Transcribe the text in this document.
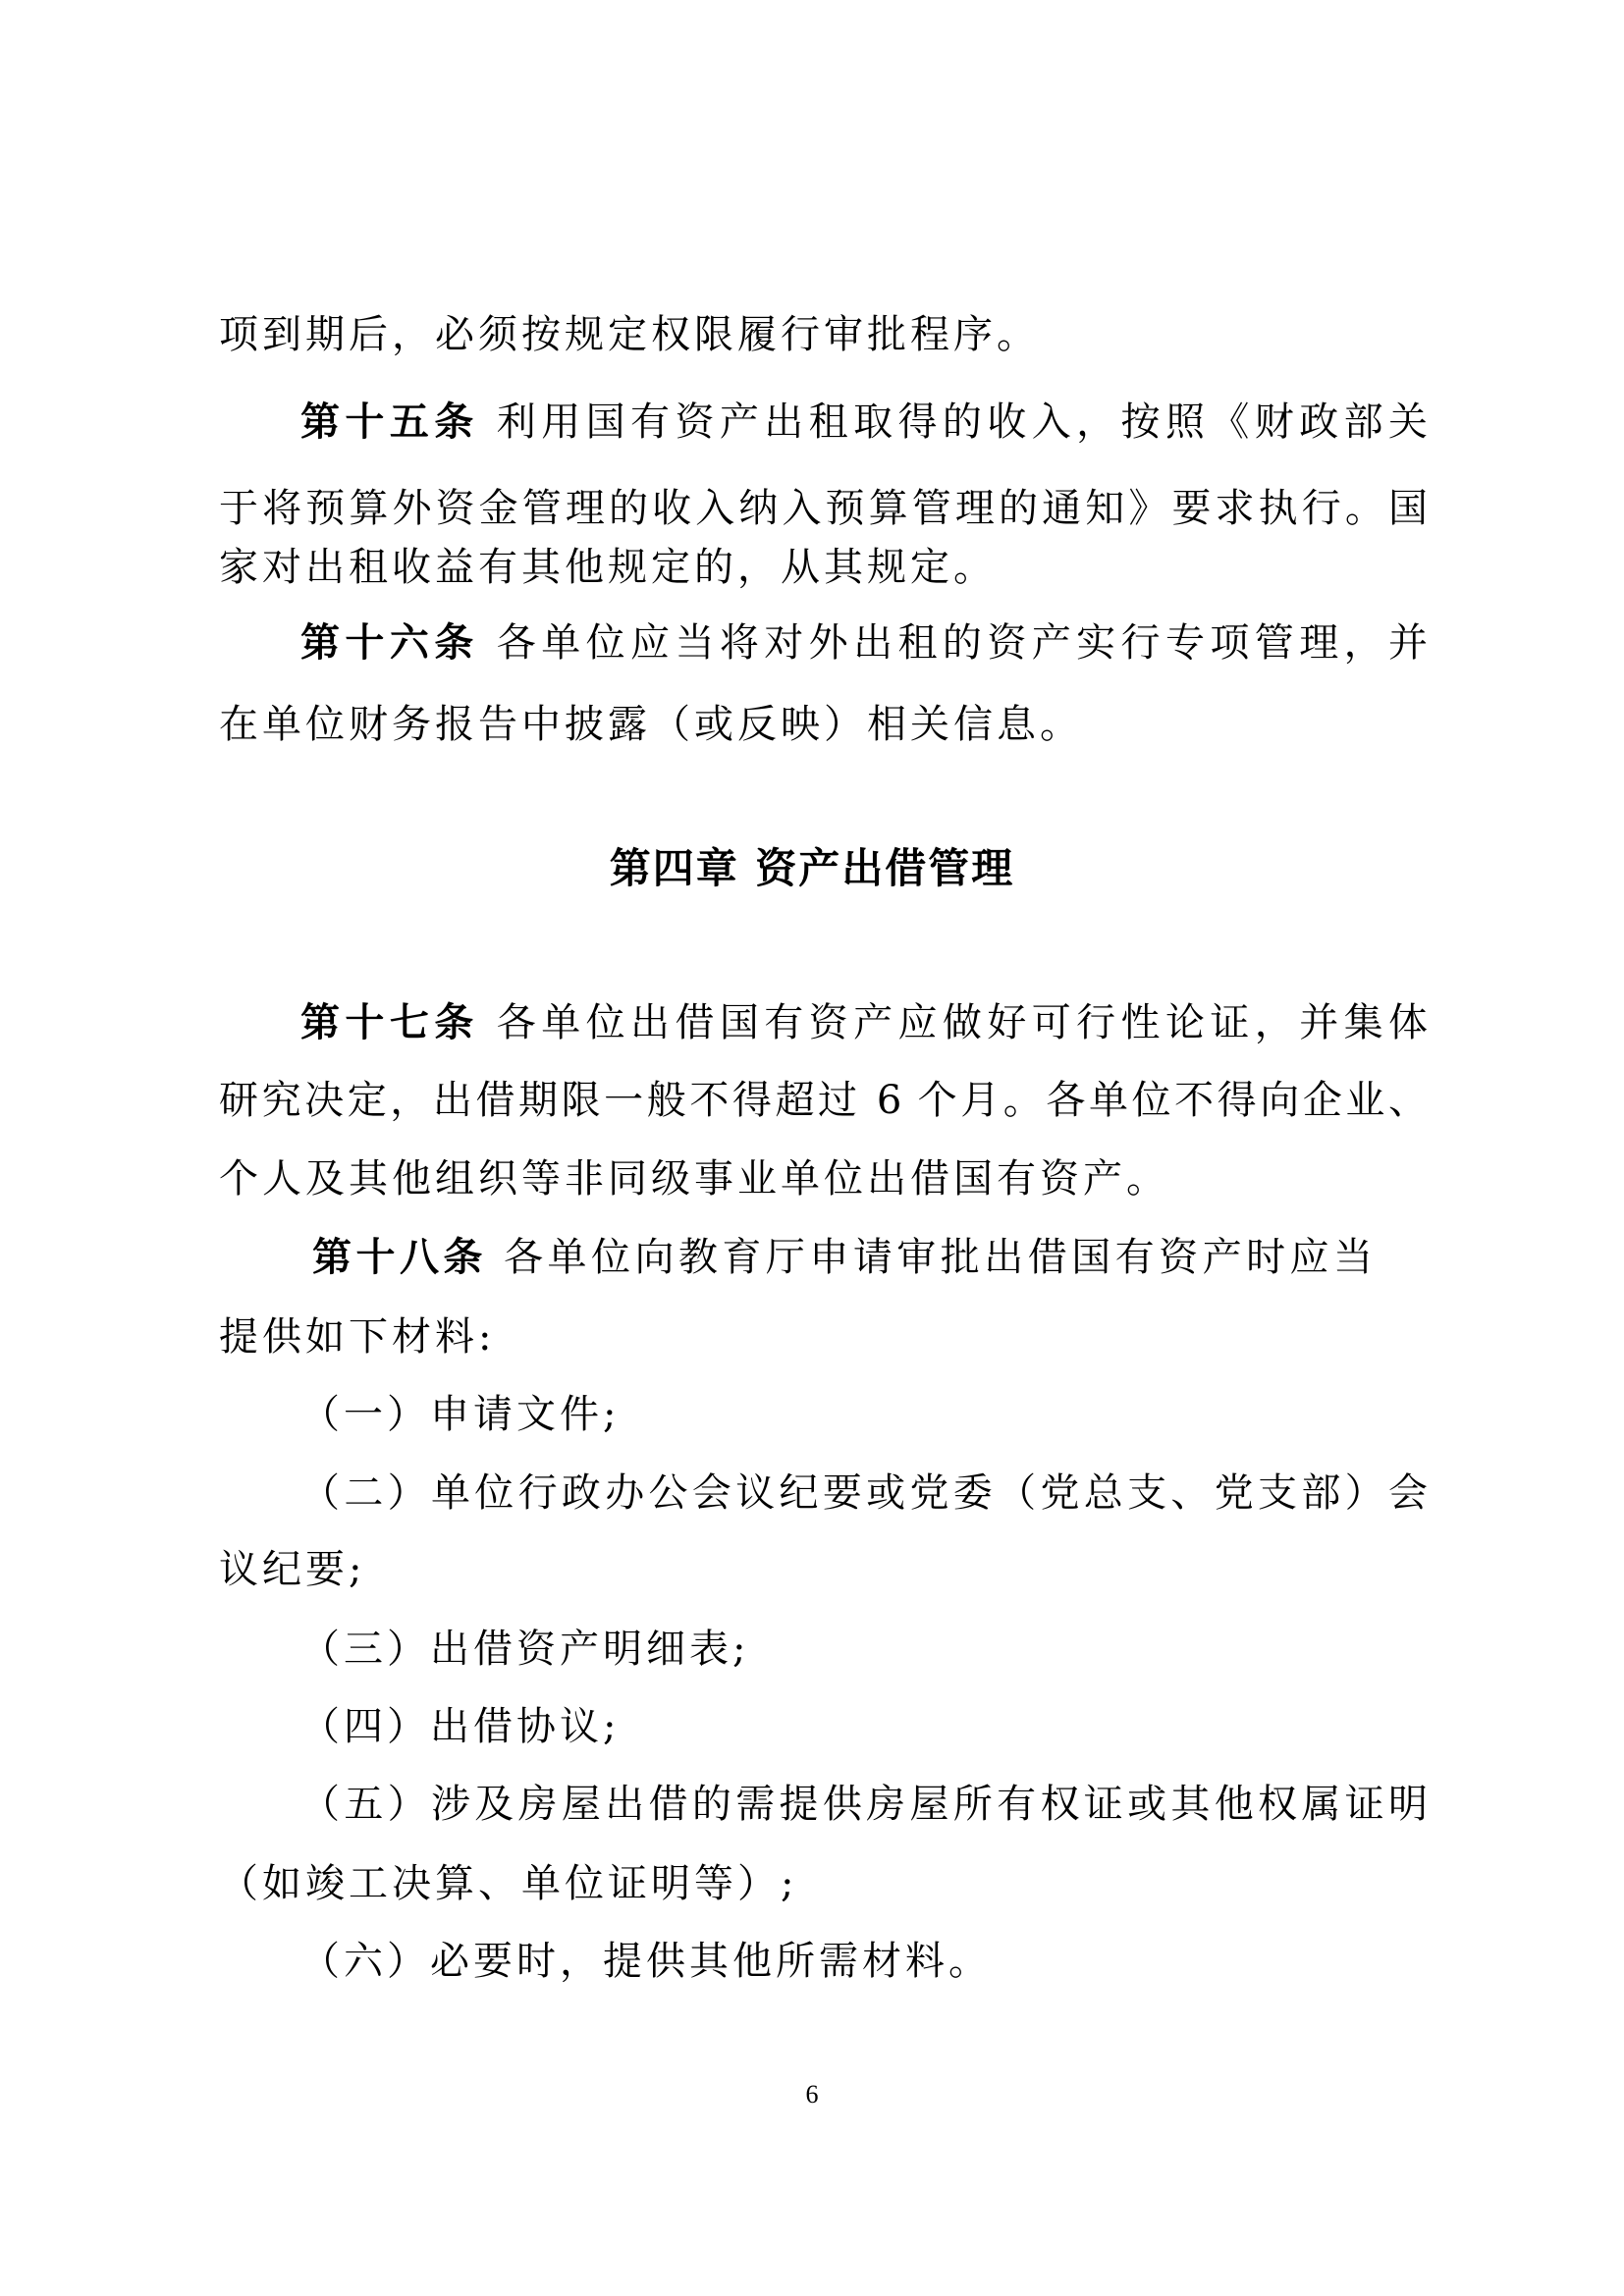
项到期后，必须按规定权限履行审批程序。
第十五条 利用国有资产出租取得的收入，按照《财政部关
于将预算外资金管理的收入纳入预算管理的通知》要求执行。国
家对出租收益有其他规定的，从其规定。
第十六条 各单位应当将对外出租的资产实行专项管理，并
在单位财务报告中披露（或反映）相关信息。
第四章 资产出借管理
第十七条 各单位出借国有资产应做好可行性论证，并集体
研究决定，出借期限一般不得超过 6 个月。各单位不得向企业、
个人及其他组织等非同级事业单位出借国有资产。
第十八条 各单位向教育厅申请审批出借国有资产时应当
提供如下材料:
（一）申请文件;
（二）单位行政办公会议纪要或党委（党总支、党支部）会
议纪要;
（三）出借资产明细表;
（四）出借协议;
（五）涉及房屋出借的需提供房屋所有权证或其他权属证明
（如竣工决算、单位证明等）;
（六）必要时，提供其他所需材料。
6
